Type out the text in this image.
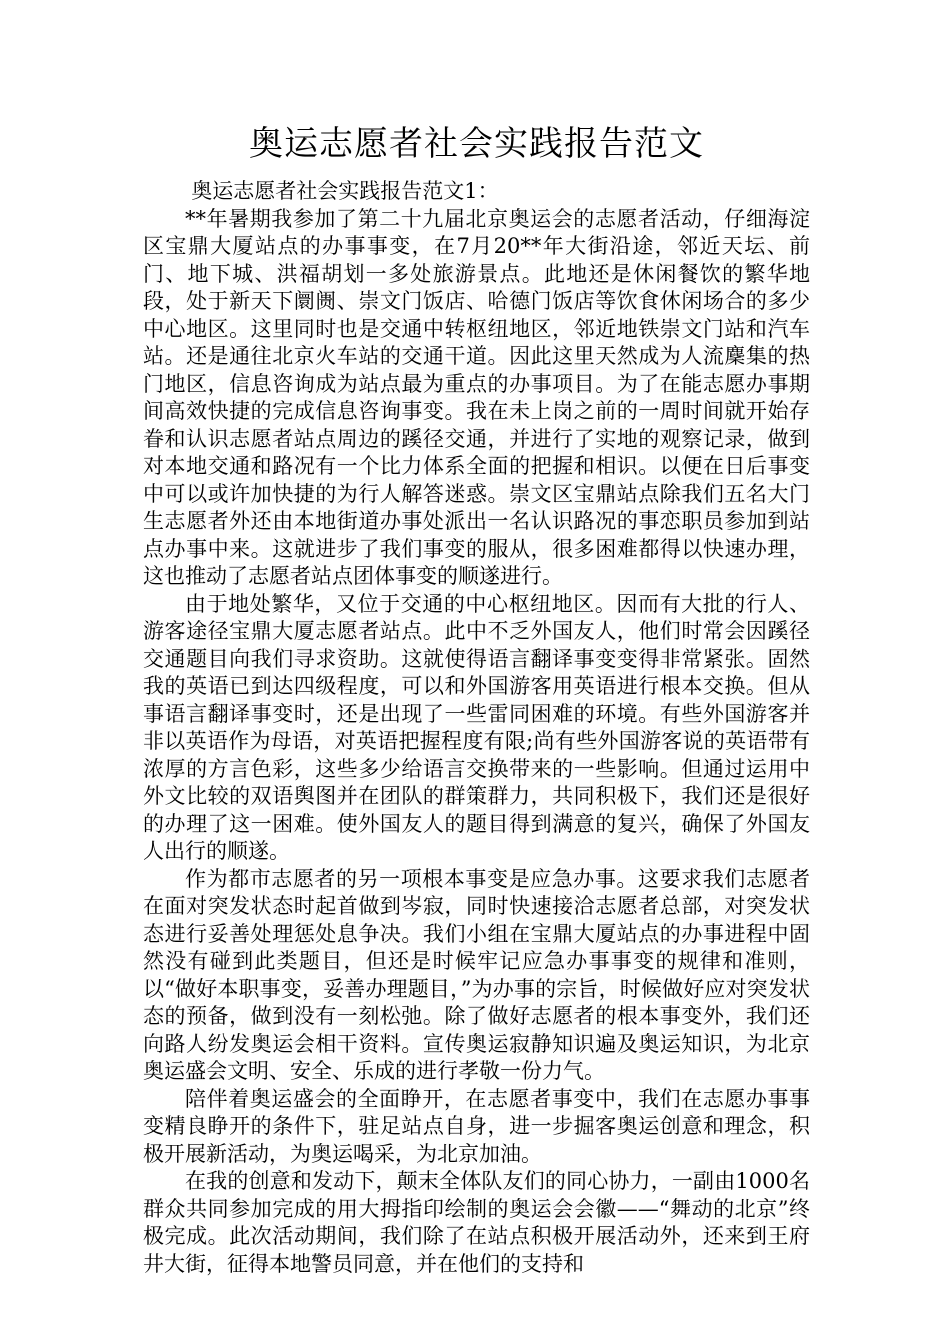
奥运志愿者社会实践报告范文

奥运志愿者社会实践报告范文1：

**年暑期我参加了第二十九届北京奥运会的志愿者活动，仔细海淀区宝鼎大厦站点的办事事变，在7月20**年大街沿途，邻近天坛、前门、地下城、洪福胡划一多处旅游景点。此地还是休闲餐饮的繁华地段，处于新天下阛阓、崇文门饭店、哈德门饭店等饮食休闲场合的多少中心地区。这里同时也是交通中转枢纽地区，邻近地铁崇文门站和汽车站。还是通往北京火车站的交通干道。因此这里天然成为人流麇集的热门地区，信息咨询成为站点最为重点的办事项目。为了在能志愿办事期间高效快捷的完成信息咨询事变。我在未上岗之前的一周时间就开始存眷和认识志愿者站点周边的蹊径交通，并进行了实地的观察记录，做到对本地交通和路况有一个比力体系全面的把握和相识。以便在日后事变中可以或许加快捷的为行人解答迷惑。崇文区宝鼎站点除我们五名大门生志愿者外还由本地街道办事处派出一名认识路况的事恋职员参加到站点办事中来。这就进步了我们事变的服从，很多困难都得以快速办理，这也推动了志愿者站点团体事变的顺遂进行。

由于地处繁华，又位于交通的中心枢纽地区。因而有大批的行人、游客途径宝鼎大厦志愿者站点。此中不乏外国友人，他们时常会因蹊径交通题目向我们寻求资助。这就使得语言翻译事变变得非常紧张。固然我的英语已到达四级程度，可以和外国游客用英语进行根本交换。但从事语言翻译事变时，还是出现了一些雷同困难的环境。有些外国游客并非以英语作为母语，对英语把握程度有限;尚有些外国游客说的英语带有浓厚的方言色彩，这些多少给语言交换带来的一些影响。但通过运用中外文比较的双语舆图并在团队的群策群力，共同积极下，我们还是很好的办理了这一困难。使外国友人的题目得到满意的复兴，确保了外国友人出行的顺遂。

作为都市志愿者的另一项根本事变是应急办事。这要求我们志愿者在面对突发状态时起首做到岑寂，同时快速接洽志愿者总部，对突发状态进行妥善处理惩处息争决。我们小组在宝鼎大厦站点的办事进程中固然没有碰到此类题目，但还是时候牢记应急办事事变的规律和准则，以“做好本职事变，妥善办理题目，”为办事的宗旨，时候做好应对突发状态的预备，做到没有一刻松弛。除了做好志愿者的根本事变外，我们还向路人纷发奥运会相干资料。宣传奥运寂静知识遍及奥运知识，为北京奥运盛会文明、安全、乐成的进行孝敬一份力气。

陪伴着奥运盛会的全面睁开，在志愿者事变中，我们在志愿办事事变精良睁开的条件下，驻足站点自身，进一步掘客奥运创意和理念，积极开展新活动，为奥运喝采，为北京加油。

在我的创意和发动下，颠末全体队友们的同心协力，一副由1000名群众共同参加完成的用大拇指印绘制的奥运会会徽——“舞动的北京”终极完成。此次活动期间，我们除了在站点积极开展活动外，还来到王府井大街，征得本地警员同意，并在他们的支持和
